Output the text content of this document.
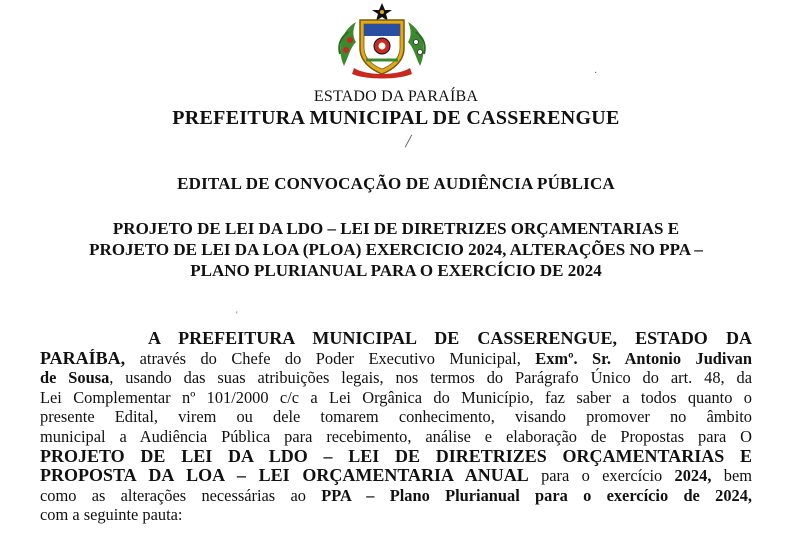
ESTADO DA PARAÍBA
PREFEITURA MUNICIPAL DE CASSERENGUE
EDITAL DE CONVOCAÇÃO DE AUDIÊNCIA PÚBLICA
PROJETO DE LEI DA LDO – LEI DE DIRETRIZES ORÇAMENTARIAS E
PROJETO DE LEI DA LOA (PLOA) EXERCICIO 2024, ALTERAÇÕES NO PPA –
PLANO PLURIANUAL PARA O EXERCÍCIO DE 2024
A PREFEITURA MUNICIPAL DE CASSERENGUE, ESTADO DA
PARAÍBA, através do Chefe do Poder Executivo Municipal, Exmº. Sr. Antonio Judivan
de Sousa, usando das suas atribuições legais, nos termos do Parágrafo Único do art. 48, da
Lei Complementar nº 101/2000 c/c a Lei Orgânica do Município, faz saber a todos quanto o
presente Edital, virem ou dele tomarem conhecimento, visando promover no âmbito
municipal a Audiência Pública para recebimento, análise e elaboração de Propostas para O
PROJETO DE LEI DA LDO – LEI DE DIRETRIZES ORÇAMENTARIAS E
PROPOSTA DA LOA – LEI ORÇAMENTARIA ANUAL para o exercício 2024, bem
como as alterações necessárias ao PPA – Plano Plurianual para o exercício de 2024,
com a seguinte pauta:
·
'
